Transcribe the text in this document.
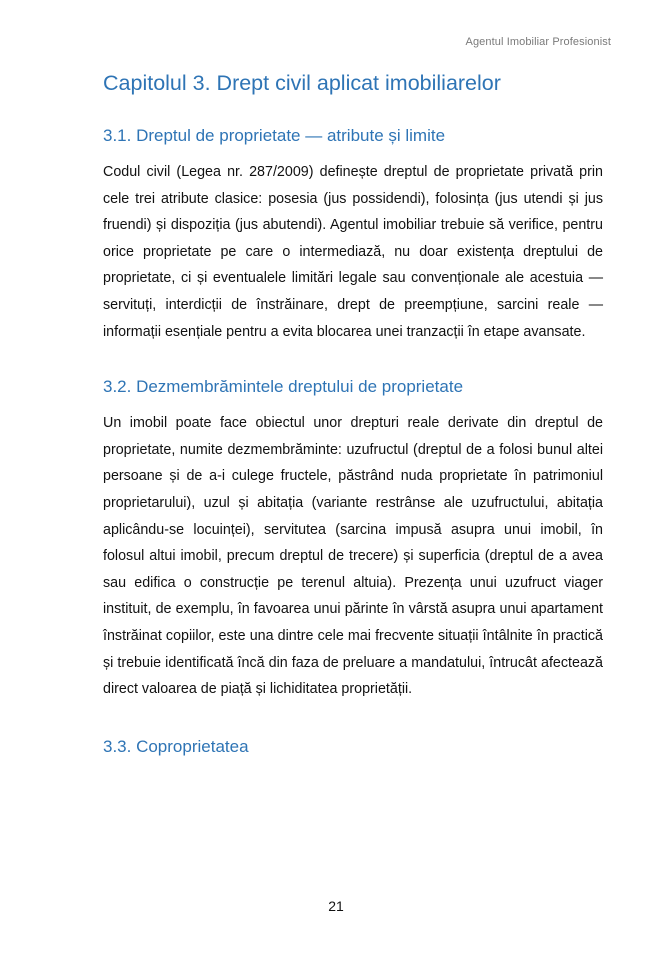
Agentul Imobiliar Profesionist
Capitolul 3. Drept civil aplicat imobiliarelor
3.1. Dreptul de proprietate — atribute și limite

Codul civil (Legea nr. 287/2009) definește dreptul de proprietate privată prin cele trei atribute clasice: posesia (jus possidendi), folosința (jus utendi și jus fruendi) și dispoziția (jus abutendi). Agentul imobiliar trebuie să verifice, pentru orice proprietate pe care o intermediază, nu doar existența dreptului de proprietate, ci și eventualele limitări legale sau convenționale ale acestuia — servituți, interdicții de înstrăinare, drept de preempțiune, sarcini reale — informații esențiale pentru a evita blocarea unei tranzacții în etape avansate.

3.2. Dezmembrămintele dreptului de proprietate

Un imobil poate face obiectul unor drepturi reale derivate din dreptul de proprietate, numite dezmembrăminte: uzufructul (dreptul de a folosi bunul altei persoane și de a-i culege fructele, păstrând nuda proprietate în patrimoniul proprietarului), uzul și abitația (variante restrânse ale uzufructului, abitația aplicându-se locuinței), servitutea (sarcina impusă asupra unui imobil, în folosul altui imobil, precum dreptul de trecere) și superficia (dreptul de a avea sau edifica o construcție pe terenul altuia). Prezența unui uzufruct viager instituit, de exemplu, în favoarea unui părinte în vârstă asupra unui apartament înstrăinat copiilor, este una dintre cele mai frecvente situații întâlnite în practică și trebuie identificată încă din faza de preluare a mandatului, întrucât afectează direct valoarea de piață și lichiditatea proprietății.

3.3. Coproprietatea
21
